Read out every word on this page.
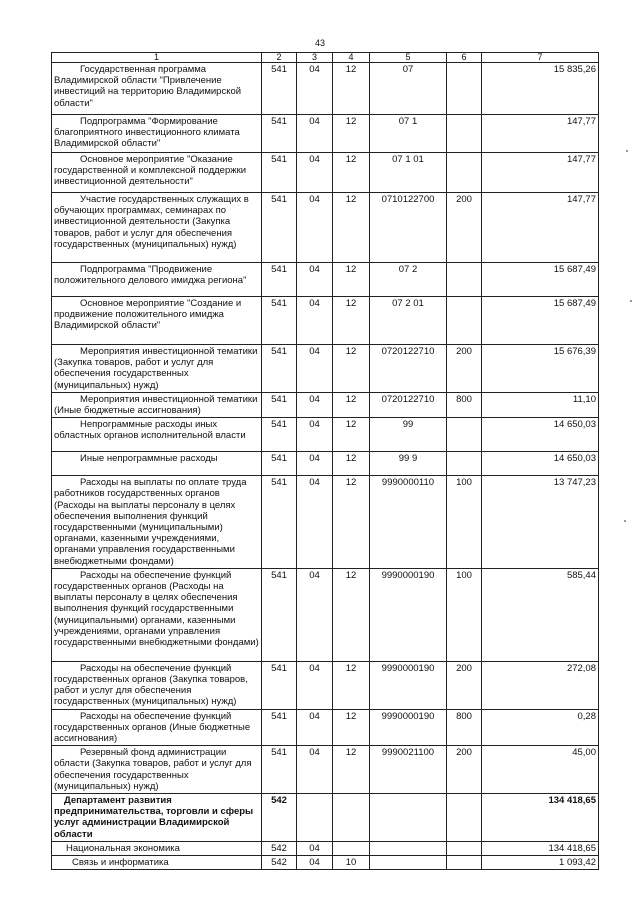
43
1	2	3	4	5	6	7
Государственная программа Владимирской области "Привлечение инвестиций на территорию Владимирской области"	541	04	12	07		15 835,26
Подпрограмма "Формирование благоприятного инвестиционного климата Владимирской области"	541	04	12	07 1		147,77
Основное мероприятие "Оказание государственной и комплексной поддержки инвестиционной деятельности"	541	04	12	07 1 01		147,77
Участие государственных служащих в обучающих программах, семинарах по инвестиционной деятельности (Закупка товаров, работ и услуг для обеспечения государственных (муниципальных) нужд)	541	04	12	0710122700	200	147,77
Подпрограмма "Продвижение положительного делового имиджа региона"	541	04	12	07 2		15 687,49
Основное мероприятие "Создание и продвижение положительного имиджа Владимирской области"	541	04	12	07 2 01		15 687,49
Мероприятия инвестиционной тематики (Закупка товаров, работ и услуг для обеспечения государственных (муниципальных) нужд)	541	04	12	0720122710	200	15 676,39
Мероприятия инвестиционной тематики (Иные бюджетные ассигнования)	541	04	12	0720122710	800	11,10
Непрограммные расходы иных областных органов исполнительной власти	541	04	12	99		14 650,03
Иные непрограммные расходы	541	04	12	99 9		14 650,03
Расходы на выплаты по оплате труда работников государственных органов (Расходы на выплаты персоналу в целях обеспечения выполнения функций государственными (муниципальными) органами, казенными учреждениями, органами управления государственными внебюджетными фондами)	541	04	12	9990000110	100	13 747,23
Расходы на обеспечение функций государственных органов (Расходы на выплаты персоналу в целях обеспечения выполнения функций государственными (муниципальными) органами, казенными учреждениями, органами управления государственными внебюджетными фондами)	541	04	12	9990000190	100	585,44
Расходы на обеспечение функций государственных органов (Закупка товаров, работ и услуг для обеспечения государственных (муниципальных) нужд)	541	04	12	9990000190	200	272,08
Расходы на обеспечение функций государственных органов (Иные бюджетные ассигнования)	541	04	12	9990000190	800	0,28
Резервный фонд администрации области (Закупка товаров, работ и услуг для обеспечения государственных (муниципальных) нужд)	541	04	12	9990021100	200	45,00
Департамент развития предпринимательства, торговли и сферы услуг администрации Владимирской области	542					134 418,65
Национальная экономика	542	04				134 418,65
Связь и информатика	542	04	10			1 093,42
